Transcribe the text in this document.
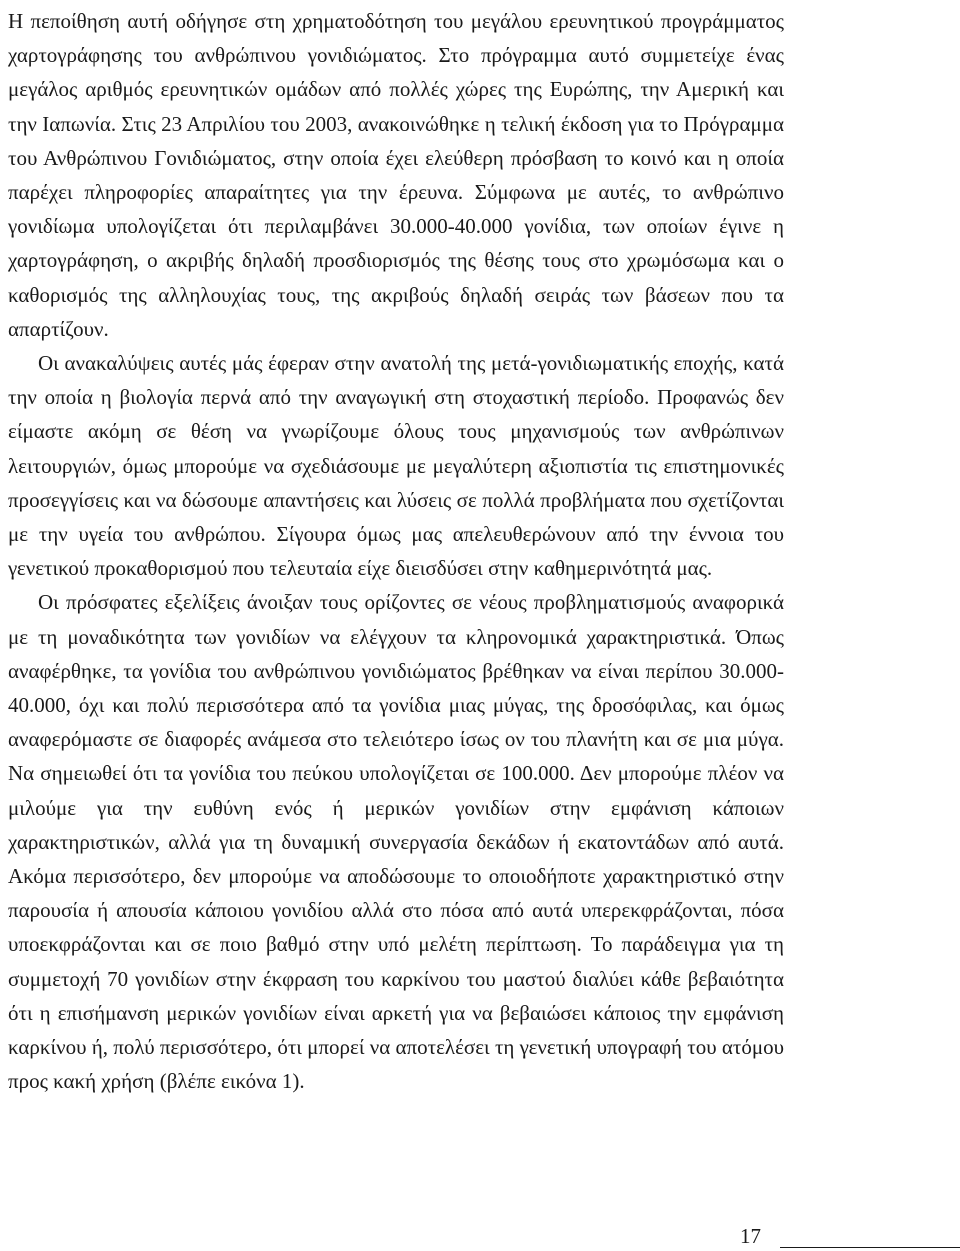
Η πεποίθηση αυτή οδήγησε στη χρηματοδότηση του μεγάλου ερευνητικού προγράμματος χαρτογράφησης του ανθρώπινου γονιδιώματος. Στο πρόγραμμα αυτό συμμετείχε ένας μεγάλος αριθμός ερευνητικών ομάδων από πολλές χώρες της Ευρώπης, την Αμερική και την Ιαπωνία. Στις 23 Απριλίου του 2003, ανακοινώθηκε η τελική έκδοση για το Πρόγραμμα του Ανθρώπινου Γονιδιώματος, στην οποία έχει ελεύθερη πρόσβαση το κοινό και η οποία παρέχει πληροφορίες απαραίτητες για την έρευνα. Σύμφωνα με αυτές, το ανθρώπινο γονιδίωμα υπολογίζεται ότι περιλαμβάνει 30.000-40.000 γονίδια, των οποίων έγινε η χαρτογράφηση, ο ακριβής δηλαδή προσδιορισμός της θέσης τους στο χρωμόσωμα και ο καθορισμός της αλληλουχίας τους, της ακριβούς δηλαδή σειράς των βάσεων που τα απαρτίζουν.

Οι ανακαλύψεις αυτές μάς έφεραν στην ανατολή της μετά-γονιδιωματικής εποχής, κατά την οποία η βιολογία περνά από την αναγωγική στη στοχαστική περίοδο. Προφανώς δεν είμαστε ακόμη σε θέση να γνωρίζουμε όλους τους μηχανισμούς των ανθρώπινων λειτουργιών, όμως μπορούμε να σχεδιάσουμε με μεγαλύτερη αξιοπιστία τις επιστημονικές προσεγγίσεις και να δώσουμε απαντήσεις και λύσεις σε πολλά προβλήματα που σχετίζονται με την υγεία του ανθρώπου. Σίγουρα όμως μας απελευθερώνουν από την έννοια του γενετικού προκαθορισμού που τελευταία είχε διεισδύσει στην καθημερινότητά μας.

Οι πρόσφατες εξελίξεις άνοιξαν τους ορίζοντες σε νέους προβληματισμούς αναφορικά με τη μοναδικότητα των γονιδίων να ελέγχουν τα κληρονομικά χαρακτηριστικά. Όπως αναφέρθηκε, τα γονίδια του ανθρώπινου γονιδιώματος βρέθηκαν να είναι περίπου 30.000-40.000, όχι και πολύ περισσότερα από τα γονίδια μιας μύγας, της δροσόφιλας, και όμως αναφερόμαστε σε διαφορές ανάμεσα στο τελειότερο ίσως ον του πλανήτη και σε μια μύγα. Να σημειωθεί ότι τα γονίδια του πεύκου υπολογίζεται σε 100.000. Δεν μπορούμε πλέον να μιλούμε για την ευθύνη ενός ή μερικών γονιδίων στην εμφάνιση κάποιων χαρακτηριστικών, αλλά για τη δυναμική συνεργασία δεκάδων ή εκατοντάδων από αυτά. Ακόμα περισσότερο, δεν μπορούμε να αποδώσουμε το οποιοδήποτε χαρακτηριστικό στην παρουσία ή απουσία κάποιου γονιδίου αλλά στο πόσα από αυτά υπερεκφράζονται, πόσα υποεκφράζονται και σε ποιο βαθμό στην υπό μελέτη περίπτωση. Το παράδειγμα για τη συμμετοχή 70 γονιδίων στην έκφραση του καρκίνου του μαστού διαλύει κάθε βεβαιότητα ότι η επισήμανση μερικών γονιδίων είναι αρκετή για να βεβαιώσει κάποιος την εμφάνιση καρκίνου ή, πολύ περισσότερο, ότι μπορεί να αποτελέσει τη γενετική υπογραφή του ατόμου προς κακή χρήση (βλέπε εικόνα 1).

17
